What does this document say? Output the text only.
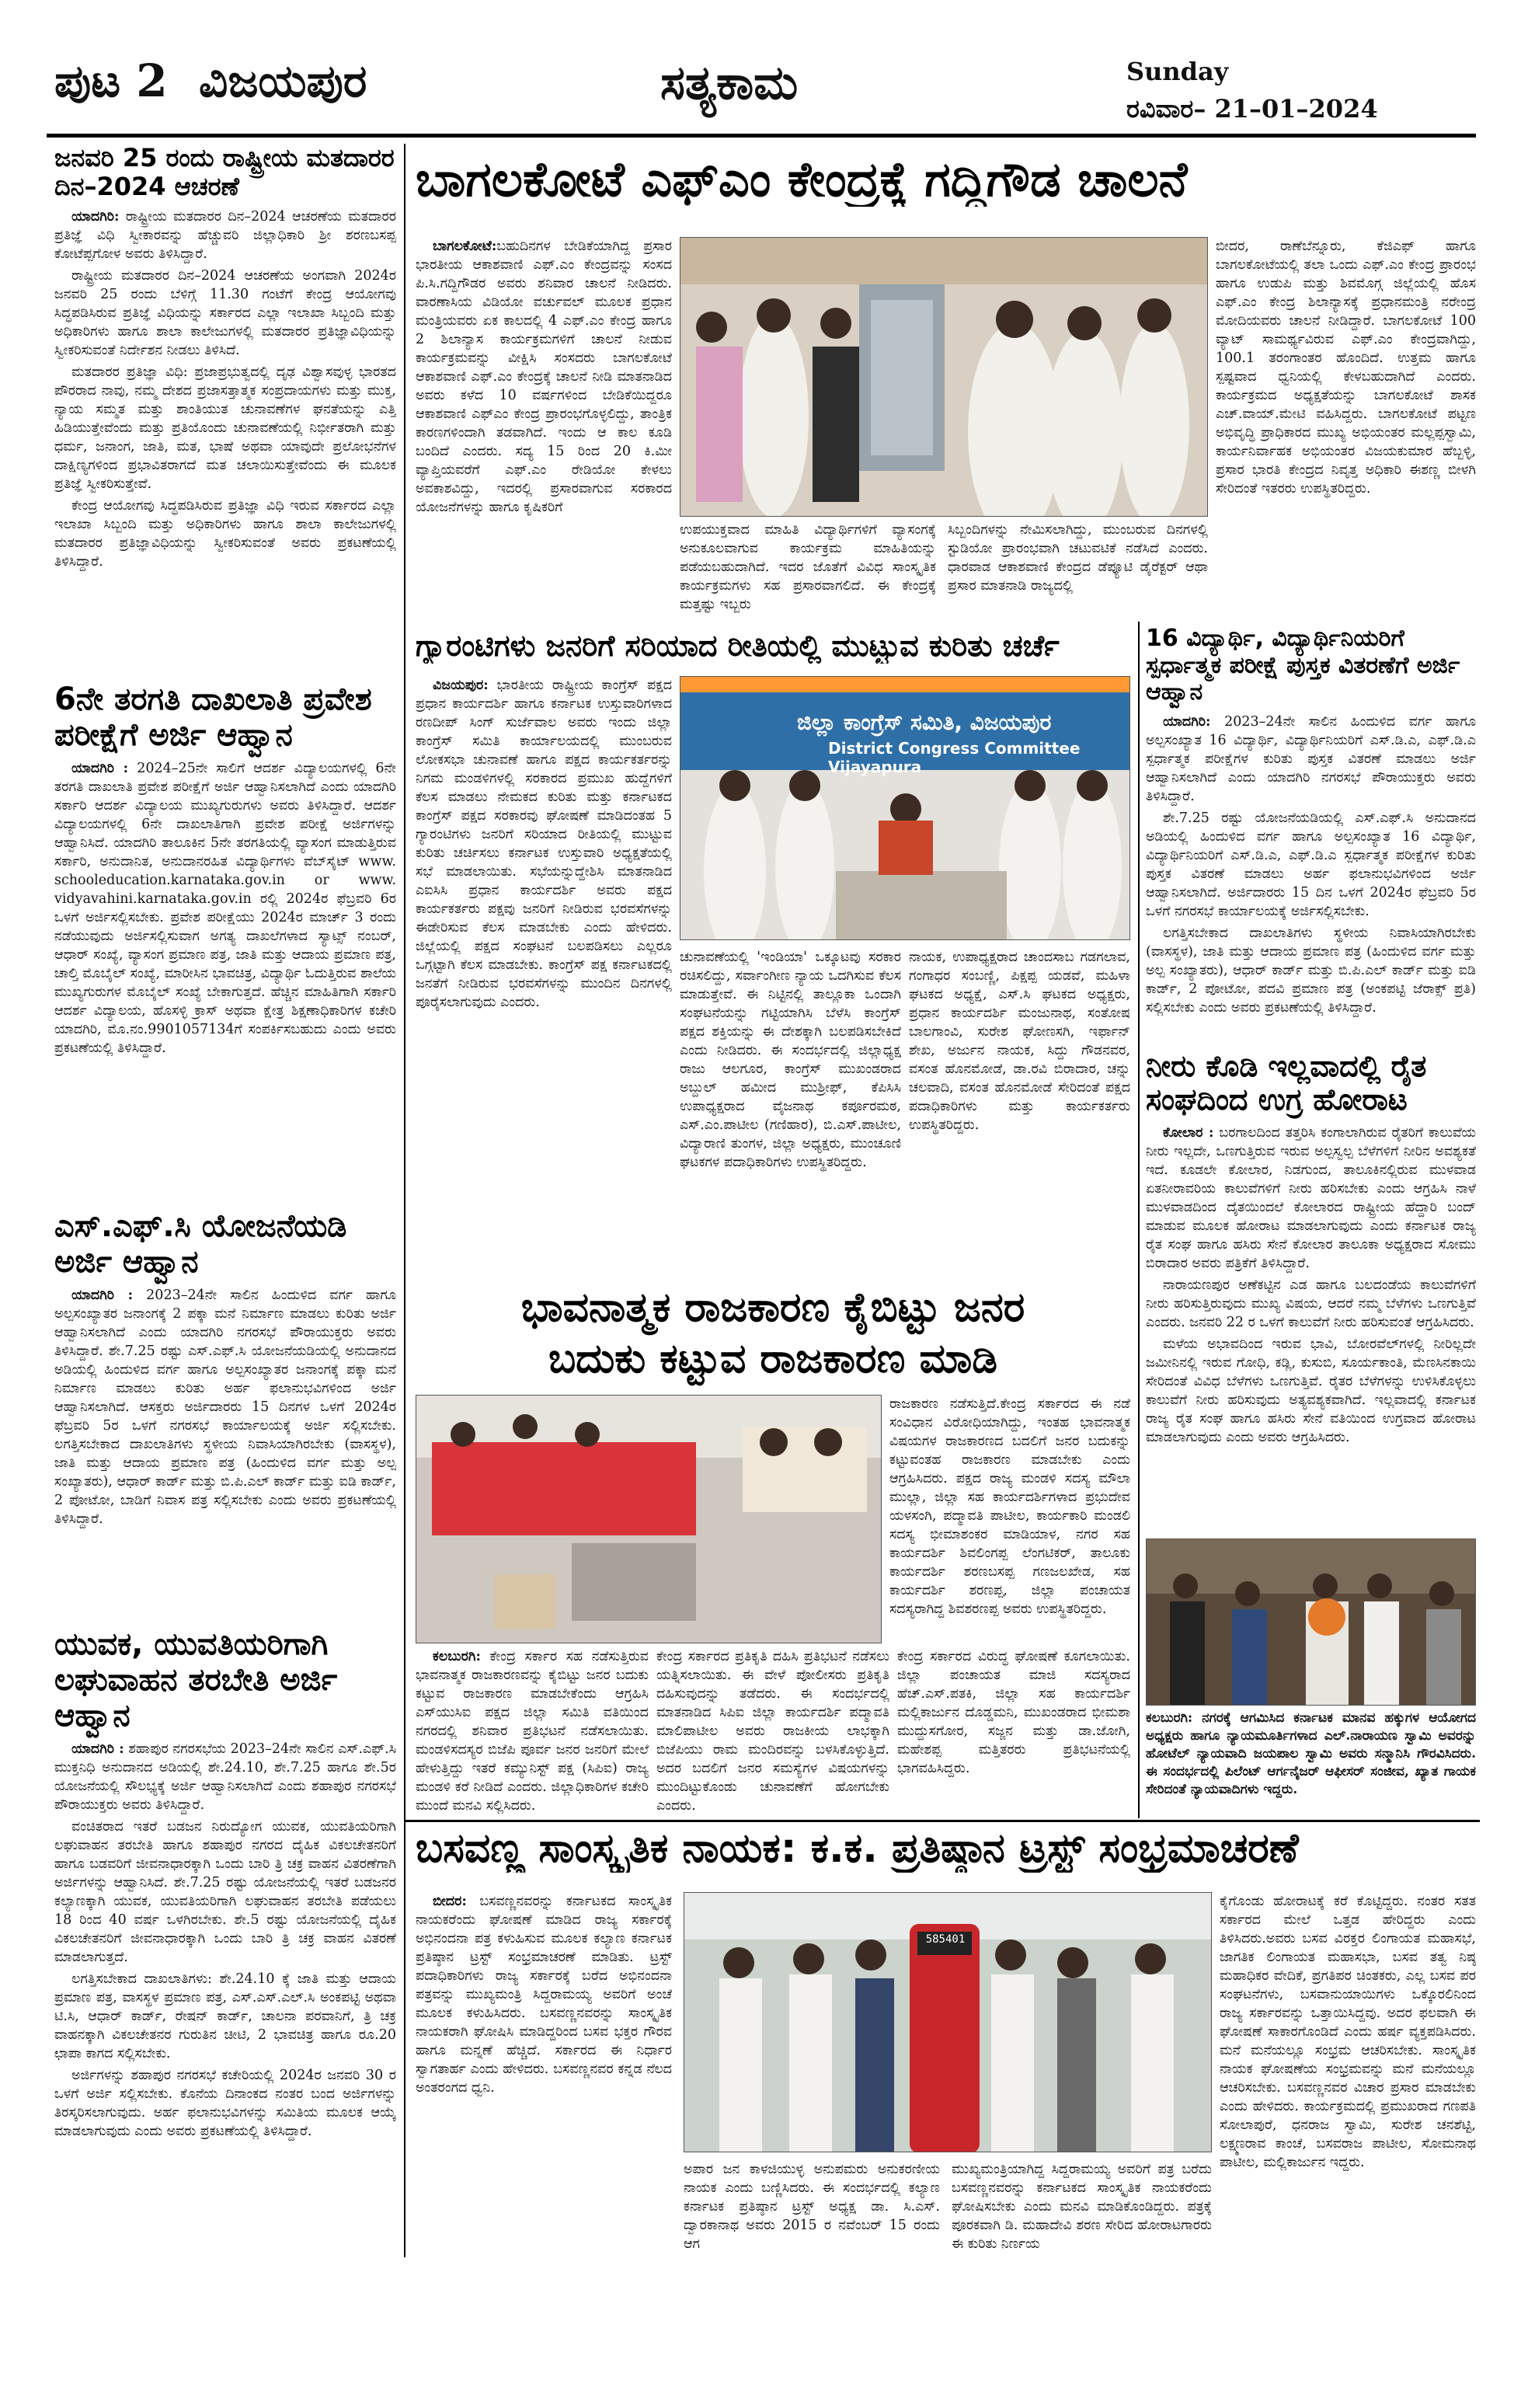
ಪುಟ 2 ವಿಜಯಪುರ	ಸತ್ಯಕಾಮ	Sunday
ರವಿವಾರ– 21–01–2024
ಜನವರಿ 25 ರಂದು ರಾಷ್ಟ್ರೀಯ ಮತದಾರರ ದಿನ–2024 ಆಚರಣೆ

ಯಾದಗಿರಿ: ರಾಷ್ಟ್ರೀಯ ಮತದಾರರ ದಿನ–2024 ಆಚರಣೆಯ ಮತದಾರರ ಪ್ರತಿಜ್ಞೆ ವಿಧಿ ಸ್ವೀಕಾರವನ್ನು ಹೆಚ್ಚುವರಿ ಜಿಲ್ಲಾಧಿಕಾರಿ ಶ್ರೀ ಶರಣಬಸಪ್ಪ ಕೋಟೆಪ್ಪಗೋಳ ಅವರು ತಿಳಿಸಿದ್ದಾರೆ.

ರಾಷ್ಟ್ರೀಯ ಮತದಾರರ ದಿನ–2024 ಆಚರಣೆಯ ಅಂಗವಾಗಿ 2024ರ ಜನವರಿ 25 ರಂದು ಬೆಳಿಗ್ಗೆ 11.30 ಗಂಟೆಗೆ ಕೇಂದ್ರ ಆಯೋಗವು ಸಿದ್ಧಪಡಿಸಿರುವ ಪ್ರತಿಜ್ಞೆ ವಿಧಿಯನ್ನು ಸರ್ಕಾರದ ಎಲ್ಲಾ ಇಲಾಖಾ ಸಿಬ್ಬಂದಿ ಮತ್ತು ಅಧಿಕಾರಿಗಳು ಹಾಗೂ ಶಾಲಾ ಕಾಲೇಜುಗಳಲ್ಲಿ ಮತದಾರರ ಪ್ರತಿಜ್ಞಾವಿಧಿಯನ್ನು ಸ್ವೀಕರಿಸುವಂತೆ ನಿರ್ದೇಶನ ನೀಡಲು ತಿಳಿಸಿದೆ.

ಮತದಾರರ ಪ್ರತಿಜ್ಞಾ ವಿಧಿ: ಪ್ರಜಾಪ್ರಭುತ್ವದಲ್ಲಿ ದೃಢ ವಿಶ್ವಾಸವುಳ್ಳ ಭಾರತದ ಪೌರರಾದ ನಾವು, ನಮ್ಮ ದೇಶದ ಪ್ರಜಾಸತ್ತಾತ್ಮಕ ಸಂಪ್ರದಾಯಗಳು ಮತ್ತು ಮುಕ್ತ, ನ್ಯಾಯ ಸಮ್ಮತ ಮತ್ತು ಶಾಂತಿಯುತ ಚುನಾವಣೆಗಳ ಘನತೆಯನ್ನು ಎತ್ತಿ ಹಿಡಿಯುತ್ತೇವೆಂದು ಮತ್ತು ಪ್ರತಿಯೊಂದು ಚುನಾವಣೆಯಲ್ಲಿ ನಿರ್ಭೀತರಾಗಿ ಮತ್ತು ಧರ್ಮ, ಜನಾಂಗ, ಜಾತಿ, ಮತ, ಭಾಷೆ ಅಥವಾ ಯಾವುದೇ ಪ್ರಲೋಭನೆಗಳ ದಾಕ್ಷಿಣ್ಯಗಳಿಂದ ಪ್ರಭಾವಿತರಾಗದೆ ಮತ ಚಲಾಯಿಸುತ್ತೇವೆಂದು ಈ ಮೂಲಕ ಪ್ರತಿಜ್ಞೆ ಸ್ವೀಕರಿಸುತ್ತೇವೆ.

ಕೇಂದ್ರ ಆಯೋಗವು ಸಿದ್ಧಪಡಿಸಿರುವ ಪ್ರತಿಜ್ಞಾ ವಿಧಿ ಇರುವ ಸರ್ಕಾರದ ಎಲ್ಲಾ ಇಲಾಖಾ ಸಿಬ್ಬಂದಿ ಮತ್ತು ಅಧಿಕಾರಿಗಳು ಹಾಗೂ ಶಾಲಾ ಕಾಲೇಜುಗಳಲ್ಲಿ ಮತದಾರರ ಪ್ರತಿಜ್ಞಾವಿಧಿಯನ್ನು ಸ್ವೀಕರಿಸುವಂತೆ ಅವರು ಪ್ರಕಟಣೆಯಲ್ಲಿ ತಿಳಿಸಿದ್ದಾರೆ.

6ನೇ ತರಗತಿ ದಾಖಲಾತಿ ಪ್ರವೇಶ ಪರೀಕ್ಷೆಗೆ ಅರ್ಜಿ ಆಹ್ವಾನ

ಯಾದಗಿರಿ : 2024–25ನೇ ಸಾಲಿಗೆ ಆದರ್ಶ ವಿದ್ಯಾಲಯಗಳಲ್ಲಿ 6ನೇ ತರಗತಿ ದಾಖಲಾತಿ ಪ್ರವೇಶ ಪರೀಕ್ಷೆಗೆ ಅರ್ಜಿ ಆಹ್ವಾನಿಸಲಾಗಿದೆ ಎಂದು ಯಾದಗಿರಿ ಸರ್ಕಾರಿ ಆದರ್ಶ ವಿದ್ಯಾಲಯ ಮುಖ್ಯಗುರುಗಳು ಅವರು ತಿಳಿಸಿದ್ದಾರೆ. ಆದರ್ಶ ವಿದ್ಯಾಲಯಗಳಲ್ಲಿ 6ನೇ ದಾಖಲಾತಿಗಾಗಿ ಪ್ರವೇಶ ಪರೀಕ್ಷೆ ಅರ್ಜಿಗಳನ್ನು ಆಹ್ವಾನಿಸಿದೆ. ಯಾದಗಿರಿ ತಾಲೂಕಿನ 5ನೇ ತರಗತಿಯಲ್ಲಿ ವ್ಯಾಸಂಗ ಮಾಡುತ್ತಿರುವ ಸರ್ಕಾರಿ, ಅನುದಾನಿತ, ಅನುದಾನರಹಿತ ವಿದ್ಯಾರ್ಥಿಗಳು ವೆಬ್‌ಸೈಟ್ www. schooleducation.karnataka.gov.in or www. vidyavahini.karnataka.gov.in ರಲ್ಲಿ 2024ರ ಫೆಬ್ರವರಿ 6ರ ಒಳಗೆ ಅರ್ಜಿಸಲ್ಲಿಸಬೇಕು. ಪ್ರವೇಶ ಪರೀಕ್ಷೆಯು 2024ರ ಮಾರ್ಚ್ 3 ರಂದು ನಡೆಯುವುದು ಅರ್ಜಿಸಲ್ಲಿಸುವಾಗ ಅಗತ್ಯ ದಾಖಲೆಗಳಾದ ಸ್ಯಾಟ್ಸ್ ನಂಬರ್, ಆಧಾರ್ ಸಂಖ್ಯೆ, ವ್ಯಾಸಂಗ ಪ್ರಮಾಣ ಪತ್ರ, ಜಾತಿ ಮತ್ತು ಆದಾಯ ಪ್ರಮಾಣ ಪತ್ರ, ಚಾಲ್ತಿ ಮೊಬೈಲ್ ಸಂಖ್ಯೆ, ಮಾರೀಸಿನ ಭಾವಚಿತ್ರ, ವಿದ್ಯಾರ್ಥಿ ಓದುತ್ತಿರುವ ಶಾಲೆಯ ಮುಖ್ಯಗುರುಗಳ ಮೊಬೈಲ್ ಸಂಖ್ಯೆ ಬೇಕಾಗುತ್ತದೆ. ಹೆಚ್ಚಿನ ಮಾಹಿತಿಗಾಗಿ ಸರ್ಕಾರಿ ಆದರ್ಶ ವಿದ್ಯಾಲಯ, ಹೊಸಳ್ಳಿ ಕ್ರಾಸ್ ಅಥವಾ ಕ್ಷೇತ್ರ ಶಿಕ್ಷಣಾಧಿಕಾರಿಗಳ ಕಚೇರಿ ಯಾದಗಿರಿ, ಮೊ.ನಂ.9901057134ಗೆ ಸಂಪರ್ಕಿಸಬಹುದು ಎಂದು ಅವರು ಪ್ರಕಟಣೆಯಲ್ಲಿ ತಿಳಿಸಿದ್ದಾರೆ.

ಎಸ್.ಎಫ್.ಸಿ ಯೋಜನೆಯಡಿ ಅರ್ಜಿ ಆಹ್ವಾನ

ಯಾದಗಿರಿ : 2023–24ನೇ ಸಾಲಿನ ಹಿಂದುಳಿದ ವರ್ಗ ಹಾಗೂ ಅಲ್ಪಸಂಖ್ಯಾತರ ಜನಾಂಗಕ್ಕೆ 2 ಪಕ್ಕಾ ಮನೆ ನಿರ್ಮಾಣ ಮಾಡಲು ಕುರಿತು ಅರ್ಜಿ ಆಹ್ವಾನಿಸಲಾಗಿದೆ ಎಂದು ಯಾದಗಿರಿ ನಗರಸಭೆ ಪೌರಾಯುಕ್ತರು ಅವರು ತಿಳಿಸಿದ್ದಾರೆ. ಶೇ.7.25 ರಷ್ಟು ಎಸ್.ಎಫ್.ಸಿ ಯೋಜನೆಯಡಿಯಲ್ಲಿ ಅನುದಾನದ ಅಡಿಯಲ್ಲಿ ಹಿಂದುಳಿದ ವರ್ಗ ಹಾಗೂ ಅಲ್ಪಸಂಖ್ಯಾತರ ಜನಾಂಗಕ್ಕೆ ಪಕ್ಕಾ ಮನೆ ನಿರ್ಮಾಣ ಮಾಡಲು ಕುರಿತು ಅರ್ಹ ಫಲಾನುಭವಿಗಳಿಂದ ಅರ್ಜಿ ಆಹ್ವಾನಿಸಲಾಗಿದೆ. ಆಸಕ್ತರು ಅರ್ಜಿದಾರರು 15 ದಿನಗಳ ಒಳಗೆ 2024ರ ಫೆಬ್ರವರಿ 5ರ ಒಳಗೆ ನಗರಸಭೆ ಕಾರ್ಯಾಲಯಕ್ಕೆ ಅರ್ಜಿ ಸಲ್ಲಿಸಬೇಕು. ಲಗತ್ತಿಸಬೇಕಾದ ದಾಖಲಾತಿಗಳು ಸ್ಥಳೀಯ ನಿವಾಸಿಯಾಗಿರಬೇಕು (ವಾಸಸ್ಥಳ), ಜಾತಿ ಮತ್ತು ಆದಾಯ ಪ್ರಮಾಣ ಪತ್ರ (ಹಿಂದುಳಿದ ವರ್ಗ ಮತ್ತು ಅಲ್ಪ ಸಂಖ್ಯಾತರು), ಆಧಾರ್ ಕಾರ್ಡ್ ಮತ್ತು ಬಿ.ಪಿ.ಎಲ್ ಕಾರ್ಡ್ ಮತ್ತು ಐಡಿ ಕಾರ್ಡ್, 2 ಪೋಟೋ, ಬಾಡಿಗೆ ನಿವಾಸ ಪತ್ರ ಸಲ್ಲಿಸಬೇಕು ಎಂದು ಅವರು ಪ್ರಕಟಣೆಯಲ್ಲಿ ತಿಳಿಸಿದ್ದಾರೆ.

ಯುವಕ, ಯುವತಿಯರಿಗಾಗಿ ಲಘುವಾಹನ ತರಬೇತಿ ಅರ್ಜಿ ಆಹ್ವಾನ

ಯಾದಗಿರಿ : ಶಹಾಪುರ ನಗರಸಭೆಯ 2023–24ನೇ ಸಾಲಿನ ಎಸ್.ಎಫ್.ಸಿ ಮುಕ್ತನಿಧಿ ಅನುದಾನದ ಅಡಿಯಲ್ಲಿ ಶೇ.24.10, ಶೇ.7.25 ಹಾಗೂ ಶೇ.5ರ ಯೋಜನೆಯಲ್ಲಿ ಸೌಲಭ್ಯಕ್ಕೆ ಅರ್ಜಿ ಆಹ್ವಾನಿಸಲಾಗಿದೆ ಎಂದು ಶಹಾಪುರ ನಗರಸಭೆ ಪೌರಾಯುಕ್ತರು ಅವರು ತಿಳಿಸಿದ್ದಾರೆ.

ವಂಚಿತರಾದ ಇತರೆ ಬಡಜನ ನಿರುದ್ಯೋಗ ಯುವಕ, ಯುವತಿಯರಿಗಾಗಿ ಲಘುವಾಹನ ತರಬೇತಿ ಹಾಗೂ ಶಹಾಪುರ ನಗರದ ದೈಹಿಕ ವಿಕಲಚೇತನರಿಗೆ ಹಾಗೂ ಬಡವರಿಗೆ ಜೀವನಾಧಾರಕ್ಕಾಗಿ ಒಂದು ಬಾರಿ ತ್ರಿ ಚಕ್ರ ವಾಹನ ವಿತರಣೆಗಾಗಿ ಅರ್ಜಿಗಳನ್ನು ಆಹ್ವಾನಿಸಿದೆ. ಶೇ.7.25 ರಷ್ಟು ಯೋಜನೆಯಲ್ಲಿ ಇತರೆ ಬಡಜನರ ಕಲ್ಯಾಣಕ್ಕಾಗಿ ಯುವಕ, ಯುವತಿಯರಿಗಾಗಿ ಲಘುವಾಹನ ತರಬೇತಿ ಪಡೆಯಲು 18 ರಿಂದ 40 ವರ್ಷ ಒಳಗಿರಬೇಕು. ಶೇ.5 ರಷ್ಟು ಯೋಜನೆಯಲ್ಲಿ ದೈಹಿಕ ವಿಕಲಚೇತನರಿಗೆ ಜೀವನಾಧಾರಕ್ಕಾಗಿ ಒಂದು ಬಾರಿ ತ್ರಿ ಚಕ್ರ ವಾಹನ ವಿತರಣೆ ಮಾಡಲಾಗುತ್ತದೆ.

ಲಗತ್ತಿಸಬೇಕಾದ ದಾಖಲಾತಿಗಳು: ಶೇ.24.10 ಕ್ಕೆ ಜಾತಿ ಮತ್ತು ಆದಾಯ ಪ್ರಮಾಣ ಪತ್ರ, ವಾಸಸ್ಥಳ ಪ್ರಮಾಣ ಪತ್ರ, ಎಸ್.ಎಸ್.ಎಲ್.ಸಿ ಅಂಕಪಟ್ಟಿ ಅಥವಾ ಟಿ.ಸಿ, ಆಧಾರ್ ಕಾರ್ಡ್, ರೇಷನ್ ಕಾರ್ಡ್, ಚಾಲನಾ ಪರವಾನಿಗೆ, ತ್ರಿ ಚಕ್ರ ವಾಹನಕ್ಕಾಗಿ ವಿಕಲಚೇತನರ ಗುರುತಿನ ಚೀಟಿ, 2 ಭಾವಚಿತ್ರ ಹಾಗೂ ರೂ.20 ಛಾಪಾ ಕಾಗದ ಸಲ್ಲಿಸಬೇಕು.

ಅರ್ಜಿಗಳನ್ನು ಶಹಾಪುರ ನಗರಸಭೆ ಕಚೇರಿಯಲ್ಲಿ 2024ರ ಜನವರಿ 30 ರ ಒಳಗೆ ಅರ್ಜಿ ಸಲ್ಲಿಸಬೇಕು. ಕೊನೆಯ ದಿನಾಂಕದ ನಂತರ ಬಂದ ಅರ್ಜಿಗಳನ್ನು ತಿರಸ್ಕರಿಸಲಾಗುವುದು. ಅರ್ಹ ಫಲಾನುಭವಿಗಳನ್ನು ಸಮಿತಿಯ ಮೂಲಕ ಆಯ್ಕೆ ಮಾಡಲಾಗುವುದು ಎಂದು ಅವರು ಪ್ರಕಟಣೆಯಲ್ಲಿ ತಿಳಿಸಿದ್ದಾರೆ.

ಬಾಗಲಕೋಟೆ ಎಫ್‌ಎಂ ಕೇಂದ್ರಕ್ಕೆ ಗದ್ದಿಗೌಡ ಚಾಲನೆ

ಬಾಗಲಕೋಟೆ:ಬಹುದಿನಗಳ ಬೇಡಿಕೆಯಾಗಿದ್ದ ಪ್ರಸಾರ ಭಾರತೀಯ ಆಕಾಶವಾಣಿ ಎಫ್.ಎಂ ಕೇಂದ್ರವನ್ನು ಸಂಸದ ಪಿ.ಸಿ.ಗದ್ದಿಗೌಡರ ಅವರು ಶನಿವಾರ ಚಾಲನೆ ನೀಡಿದರು. ವಾರಣಾಸಿಯ ವಿಡಿಯೋ ವರ್ಚುವಲ್ ಮೂಲಕ ಪ್ರಧಾನ ಮಂತ್ರಿಯವರು ಏಕ ಕಾಲದಲ್ಲಿ 4 ಎಫ್.ಎಂ ಕೇಂದ್ರ ಹಾಗೂ 2 ಶಿಲಾನ್ಯಾಸ ಕಾರ್ಯಕ್ರಮಗಳಿಗೆ ಚಾಲನೆ ನೀಡುವ ಕಾರ್ಯಕ್ರಮವನ್ನು ವೀಕ್ಷಿಸಿ ಸಂಸದರು ಬಾಗಲಕೋಟೆ ಆಕಾಶವಾಣಿ ಎಫ್.ಎಂ ಕೇಂದ್ರಕ್ಕೆ ಚಾಲನೆ ನೀಡಿ ಮಾತನಾಡಿದ ಅವರು ಕಳೆದ 10 ವರ್ಷಗಳಿಂದ ಬೇಡಿಕೆಯಿದ್ದರೂ ಆಕಾಶವಾಣಿ ಎಫ್‌ಎಂ ಕೇಂದ್ರ ಪ್ರಾರಂಭಗೊಳ್ಳಲಿದ್ದು, ತಾಂತ್ರಿಕ ಕಾರಣಗಳಿಂದಾಗಿ ತಡವಾಗಿದೆ. ಇಂದು ಆ ಕಾಲ ಕೂಡಿ ಬಂದಿದೆ ಎಂದರು. ಸದ್ಯ 15 ರಿಂದ 20 ಕಿ.ಮೀ ವ್ಯಾಪ್ತಿಯವರೆಗೆ ಎಫ್.ಎಂ ರೇಡಿಯೋ ಕೇಳಲು ಅವಕಾಶವಿದ್ದು, ಇದರಲ್ಲಿ ಪ್ರಸಾರವಾಗುವ ಸರಕಾರದ ಯೋಜನೆಗಳನ್ನು ಹಾಗೂ ಕೃಷಿಕರಿಗೆ

ಉಪಯುಕ್ತವಾದ ಮಾಹಿತಿ ವಿದ್ಯಾರ್ಥಿಗಳಿಗೆ ವ್ಯಾಸಂಗಕ್ಕೆ ಅನುಕೂಲವಾಗುವ ಕಾರ್ಯಕ್ರಮ ಮಾಹಿತಿಯನ್ನು ಪಡೆಯಬಹುದಾಗಿದೆ. ಇದರ ಜೊತೆಗೆ ವಿವಿಧ ಸಾಂಸ್ಕೃತಿಕ ಕಾರ್ಯಕ್ರಮಗಳು ಸಹ ಪ್ರಸಾರವಾಗಲಿದೆ. ಈ ಕೇಂದ್ರಕ್ಕೆ ಮತ್ತಷ್ಟು ಇಬ್ಬರು

ಸಿಬ್ಬಂದಿಗಳನ್ನು ನೇಮಿಸಲಾಗಿದ್ದು, ಮುಂಬರುವ ದಿನಗಳಲ್ಲಿ ಸ್ಟುಡಿಯೋ ಪ್ರಾರಂಭವಾಗಿ ಚಟುವಟಿಕೆ ನಡೆಸಿದೆ ಎಂದರು. ಧಾರವಾಡ ಆಕಾಶವಾಣಿ ಕೇಂದ್ರದ ಡೆಪ್ಯೂಟಿ ಡೈರೆಕ್ಟರ್ ಆಥಾ ಪ್ರಸಾರ ಮಾತನಾಡಿ ರಾಜ್ಯದಲ್ಲಿ

ಬೀದರ, ರಾಣೆಬೆನ್ನೂರು, ಕೆಜಿಎಫ್ ಹಾಗೂ ಬಾಗಲಕೋಟೆಯಲ್ಲಿ ತಲಾ ಒಂದು ಎಫ್.ಎಂ ಕೇಂದ್ರ ಪ್ರಾರಂಭ ಹಾಗೂ ಉಡುಪಿ ಮತ್ತು ಶಿವಮೊಗ್ಗ ಜಿಲ್ಲೆಯಲ್ಲಿ ಹೊಸ ಎಫ್.ಎಂ ಕೇಂದ್ರ ಶಿಲಾನ್ಯಾಸಕ್ಕೆ ಪ್ರಧಾನಮಂತ್ರಿ ನರೇಂದ್ರ ಮೋದಿಯವರು ಚಾಲನೆ ನೀಡಿದ್ದಾರೆ. ಬಾಗಲಕೋಟೆ 100 ವ್ಯಾಟ್ ಸಾಮರ್ಥ್ಯವಿರುವ ಎಫ್.ಎಂ ಕೇಂದ್ರವಾಗಿದ್ದು, 100.1 ತರಂಗಾಂತರ ಹೊಂದಿದೆ. ಉತ್ತಮ ಹಾಗೂ ಸ್ಪಷ್ಟವಾದ ಧ್ವನಿಯಲ್ಲಿ ಕೇಳಬಹುದಾಗಿದೆ ಎಂದರು. ಕಾರ್ಯಕ್ರಮದ ಅಧ್ಯಕ್ಷತೆಯನ್ನು ಬಾಗಲಕೋಟೆ ಶಾಸಕ ಎಚ್.ವಾಯ್.ಮೇಟಿ ವಹಿಸಿದ್ದರು. ಬಾಗಲಕೋಟೆ ಪಟ್ಟಣ ಅಭಿವೃದ್ಧಿ ಪ್ರಾಧಿಕಾರದ ಮುಖ್ಯ ಅಭಿಯಂತರ ಮಲ್ಲಪ್ಪಸ್ವಾಮಿ, ಕಾರ್ಯನಿರ್ವಾಹಕ ಅಭಿಯಂತರ ವಿಜಯಕುಮಾರ ಹೆಬ್ಬಳ್ಳಿ, ಪ್ರಸಾರ ಭಾರತಿ ಕೇಂದ್ರದ ನಿವೃತ್ತ ಅಧಿಕಾರಿ ಈಶಣ್ಣ ಬೀಳಗಿ ಸೇರಿದಂತೆ ಇತರರು ಉಪಸ್ಥಿತರಿದ್ದರು.

ಗ್ಯಾರಂಟಿಗಳು ಜನರಿಗೆ ಸರಿಯಾದ ರೀತಿಯಲ್ಲಿ ಮುಟ್ಟುವ ಕುರಿತು ಚರ್ಚೆ

ವಿಜಯಪುರ: ಭಾರತೀಯ ರಾಷ್ಟ್ರೀಯ ಕಾಂಗ್ರೆಸ್ ಪಕ್ಷದ ಪ್ರಧಾನ ಕಾರ್ಯದರ್ಶಿ ಹಾಗೂ ಕರ್ನಾಟಕ ಉಸ್ತುವಾರಿಗಳಾದ ರಣದೀಪ್ ಸಿಂಗ್ ಸುರ್ಜೆವಾಲ ಅವರು ಇಂದು ಜಿಲ್ಲಾ ಕಾಂಗ್ರೆಸ್ ಸಮಿತಿ ಕಾರ್ಯಾಲಯದಲ್ಲಿ ಮುಂಬರುವ ಲೋಕಸಭಾ ಚುನಾವಣೆ ಹಾಗೂ ಪಕ್ಷದ ಕಾರ್ಯಕರ್ತರನ್ನು ನಿಗಮ ಮಂಡಳಿಗಳಲ್ಲಿ ಸರಕಾರದ ಪ್ರಮುಖ ಹುದ್ದೆಗಳಿಗೆ ಕೆಲಸ ಮಾಡಲು ನೇಮಕದ ಕುರಿತು ಮತ್ತು ಕರ್ನಾಟಕದ ಕಾಂಗ್ರೆಸ್ ಪಕ್ಷದ ಸರಕಾರವು ಘೋಷಣೆ ಮಾಡಿದಂತಹ 5 ಗ್ಯಾರಂಟಿಗಳು ಜನರಿಗೆ ಸರಿಯಾದ ರೀತಿಯಲ್ಲಿ ಮುಟ್ಟುವ ಕುರಿತು ಚರ್ಚಿಸಲು ಕರ್ನಾಟಕ ಉಸ್ತುವಾರಿ ಅಧ್ಯಕ್ಷತೆಯಲ್ಲಿ ಸಭೆ ಮಾಡಲಾಯಿತು. ಸಭೆಯನ್ನುದ್ದೇಶಿಸಿ ಮಾತನಾಡಿದ ಎಐಸಿಸಿ ಪ್ರಧಾನ ಕಾರ್ಯದರ್ಶಿ ಅವರು ಪಕ್ಷದ ಕಾರ್ಯಕರ್ತರು ಪಕ್ಷವು ಜನರಿಗೆ ನೀಡಿರುವ ಭರವಸೆಗಳನ್ನು ಈಡೇರಿಸುವ ಕೆಲಸ ಮಾಡಬೇಕು ಎಂದು ಹೇಳಿದರು. ಜಿಲ್ಲೆಯಲ್ಲಿ ಪಕ್ಷದ ಸಂಘಟನೆ ಬಲಪಡಿಸಲು ಎಲ್ಲರೂ ಒಗ್ಗಟ್ಟಾಗಿ ಕೆಲಸ ಮಾಡಬೇಕು. ಕಾಂಗ್ರೆಸ್ ಪಕ್ಷ ಕರ್ನಾಟಕದಲ್ಲಿ ಜನತೆಗೆ ನೀಡಿರುವ ಭರವಸೆಗಳನ್ನು ಮುಂದಿನ ದಿನಗಳಲ್ಲಿ ಪೂರೈಸಲಾಗುವುದು ಎಂದರು.

ಜಿಲ್ಲಾ ಕಾಂಗ್ರೆಸ್ ಸಮಿತಿ, ವಿಜಯಪುರ
District Congress Committee Vijayapura

ಚುನಾವಣೆಯಲ್ಲಿ 'ಇಂಡಿಯಾ' ಒಕ್ಕೂಟವು ಸರಕಾರ ರಚಿಸಲಿದ್ದು, ಸರ್ವಾಂಗೀಣ ನ್ಯಾಯ ಒದಗಿಸುವ ಕೆಲಸ ಮಾಡುತ್ತೇವೆ. ಈ ನಿಟ್ಟಿನಲ್ಲಿ ತಾಲ್ಲೂಕಾ ಒಂದಾಗಿ ಸಂಘಟನೆಯನ್ನು ಗಟ್ಟಿಯಾಗಿಸಿ ಬೆಳೆಸಿ ಕಾಂಗ್ರೆಸ್ ಪಕ್ಷದ ಶಕ್ತಿಯನ್ನು ಈ ದೇಶಕ್ಕಾಗಿ ಬಲಪಡಿಸಬೇಕಿದೆ ಎಂದು ನೀಡಿದರು. ಈ ಸಂದರ್ಭದಲ್ಲಿ ಜಿಲ್ಲಾಧ್ಯಕ್ಷ ರಾಜು ಆಲಗೂರ, ಕಾಂಗ್ರೆಸ್ ಮುಖಂಡರಾದ ಅಬ್ದುಲ್ ಹಮೀದ ಮುಶ್ರೀಫ್, ಕೆಪಿಸಿಸಿ ಉಪಾಧ್ಯಕ್ಷರಾದ ವೈಜನಾಥ ಕರ್ಪೂರಮಠ, ಎಸ್.ಎಂ.ಪಾಟೀಲ (ಗಣಿಹಾರ), ಬಿ.ಎಸ್.ಪಾಟೀಲ, ವಿದ್ಯಾರಾಣಿ ತುಂಗಳ, ಜಿಲ್ಲಾ ಅಧ್ಯಕ್ಷರು, ಮುಂಚೂಣಿ ಘಟಕಗಳ ಪದಾಧಿಕಾರಿಗಳು ಉಪಸ್ಥಿತರಿದ್ದರು.

ನಾಯಕ, ಉಪಾಧ್ಯಕ್ಷರಾದ ಚಾಂದಸಾಬ ಗಡಗಲಾವ, ಗಂಗಾಧರ ಸಂಬಣ್ಣಿ, ಪಿಕ್ಷಪ್ಪ ಯಡವೆ, ಮಹಿಳಾ ಘಟಕದ ಅಧ್ಯಕ್ಷೆ, ಎಸ್.ಸಿ ಘಟಕದ ಅಧ್ಯಕ್ಷರು, ಪ್ರಧಾನ ಕಾರ್ಯದರ್ಶಿ ಮಂಜುನಾಥ, ಸಂತೋಷ ಬಾಲಗಾಂವಿ, ಸುರೇಶ ಘೋಣಸಗಿ, ಇರ್ಫಾನ್ ಶೇಖ, ಅರ್ಜುನ ನಾಯಕ, ಸಿದ್ದು ಗೌಡನವರ, ವಸಂತ ಹೊನಮೋಡೆ, ಡಾ.ರವಿ ಬಿರಾದಾರ, ಚನ್ನು ಚಲವಾದಿ, ವಸಂತ ಹೊನಮೋಡೆ ಸೇರಿದಂತೆ ಪಕ್ಷದ ಪದಾಧಿಕಾರಿಗಳು ಮತ್ತು ಕಾರ್ಯಕರ್ತರು ಉಪಸ್ಥಿತರಿದ್ದರು.

ಭಾವನಾತ್ಮಕ ರಾಜಕಾರಣ ಕೈಬಿಟ್ಟು ಜನರ
ಬದುಕು ಕಟ್ಟುವ ರಾಜಕಾರಣ ಮಾಡಿ

ರಾಜಕಾರಣ ನಡೆಸುತ್ತಿದೆ.ಕೇಂದ್ರ ಸರ್ಕಾರದ ಈ ನಡೆ ಸಂವಿಧಾನ ವಿರೋಧಿಯಾಗಿದ್ದು, ಇಂತಹ ಭಾವನಾತ್ಮಕ ವಿಷಯಗಳ ರಾಜಕಾರಣದ ಬದಲಿಗೆ ಜನರ ಬದುಕನ್ನು ಕಟ್ಟುವಂತಹ ರಾಜಕಾರಣ ಮಾಡಬೇಕು ಎಂದು ಆಗ್ರಹಿಸಿದರು. ಪಕ್ಷದ ರಾಜ್ಯ ಮಂಡಳಿ ಸದಸ್ಯ ಮೌಲಾ ಮುಲ್ಲಾ, ಜಿಲ್ಲಾ ಸಹ ಕಾರ್ಯದರ್ಶಿಗಳಾದ ಪ್ರಭುದೇವ ಯಳಸಂಗಿ, ಪದ್ಮಾವತಿ ಪಾಟೀಲ, ಕಾರ್ಯಕಾರಿ ಮಂಡಲಿ ಸದಸ್ಯ ಭೀಮಾಶಂಕರ ಮಾಡಿಯಾಳ, ನಗರ ಸಹ ಕಾರ್ಯದರ್ಶಿ ಶಿವಲಿಂಗಪ್ಪ ಲೆಂಗಟಿಕರ್, ತಾಲೂಕು ಕಾರ್ಯದರ್ಶಿ ಶರಣಬಸಪ್ಪ ಗಣಜಲಖೇಡ, ಸಹ ಕಾರ್ಯದರ್ಶಿ ಶರಣಪ್ಪ, ಜಿಲ್ಲಾ ಪಂಚಾಯತ ಸದಸ್ಯರಾಗಿದ್ದ ಶಿವಶರಣಪ್ಪ ಅವರು ಉಪಸ್ಥಿತರಿದ್ದರು.

ಕಲಬುರಗಿ: ಕೇಂದ್ರ ಸರ್ಕಾರ ಸಹ ನಡೆಸುತ್ತಿರುವ ಭಾವನಾತ್ಮಕ ರಾಜಕಾರಣವನ್ನು ಕೈಬಿಟ್ಟು ಜನರ ಬದುಕು ಕಟ್ಟುವ ರಾಜಕಾರಣ ಮಾಡಬೇಕೆಂದು ಆಗ್ರಹಿಸಿ ಎಸ್‌ಯುಸಿಐ ಪಕ್ಷದ ಜಿಲ್ಲಾ ಸಮಿತಿ ವತಿಯಿಂದ ನಗರದಲ್ಲಿ ಶನಿವಾರ ಪ್ರತಿಭಟನೆ ನಡೆಸಲಾಯಿತು. ಮಂಡಳಿಸದಸ್ಯರ ಬಿಜೆಪಿ ಪೂರ್ವ ಜನರ ಜನರಿಗೆ ಮೇಲೆ ಹೇಳುತ್ತಿದ್ದು ಇತರೆ ಕಮ್ಯುನಿಸ್ಟ್ ಪಕ್ಷ (ಸಿಪಿಐ) ರಾಜ್ಯ ಮಂಡಳಿ ಕರೆ ನೀಡಿದೆ ಎಂದರು. ಜಿಲ್ಲಾಧಿಕಾರಿಗಳ ಕಚೇರಿ ಮುಂದೆ ಮನವಿ ಸಲ್ಲಿಸಿದರು.

ಕೇಂದ್ರ ಸರ್ಕಾರದ ಪ್ರತಿಕೃತಿ ದಹಿಸಿ ಪ್ರತಿಭಟನೆ ನಡೆಸಲು ಯತ್ನಿಸಲಾಯಿತು. ಈ ವೇಳೆ ಪೋಲೀಸರು ಪ್ರತಿಕೃತಿ ದಹಿಸುವುದನ್ನು ತಡೆದರು. ಈ ಸಂದರ್ಭದಲ್ಲಿ ಮಾತನಾಡಿದ ಸಿಪಿಐ ಜಿಲ್ಲಾ ಕಾರ್ಯದರ್ಶಿ ಪದ್ಮಾವತಿ ಮಾಲಿಪಾಟೀಲ ಅವರು ರಾಜಕೀಯ ಲಾಭಕ್ಕಾಗಿ ಬಿಜೆಪಿಯು ರಾಮ ಮಂದಿರವನ್ನು ಬಳಸಿಕೊಳ್ಳುತ್ತಿದೆ. ಅದರ ಬದಲಿಗೆ ಜನರ ಸಮಸ್ಯೆಗಳ ವಿಷಯಗಳನ್ನು ಮುಂದಿಟ್ಟುಕೊಂಡು ಚುನಾವಣೆಗೆ ಹೋಗಬೇಕು ಎಂದರು.

ಕೇಂದ್ರ ಸರ್ಕಾರದ ವಿರುದ್ಧ ಘೋಷಣೆ ಕೂಗಲಾಯಿತು. ಜಿಲ್ಲಾ ಪಂಚಾಯತ ಮಾಜಿ ಸದಸ್ಯರಾದ ಹೆಚ್.ಎಸ್.ಪತಕಿ, ಜಿಲ್ಲಾ ಸಹ ಕಾರ್ಯದರ್ಶಿ ಮಲ್ಲಿಕಾರ್ಜುನ ದೊಡ್ಡಮನಿ, ಮುಖಂಡರಾದ ಭೀಮಶಾ ಮುದ್ದುಸಗೋರ, ಸಜ್ಜನ ಮತ್ತು ಡಾ.ಜೋಗಿ, ಮಹೇಶಪ್ಪ ಮತ್ತಿತರರು ಪ್ರತಿಭಟನೆಯಲ್ಲಿ ಭಾಗವಹಿಸಿದ್ದರು.

16 ವಿದ್ಯಾರ್ಥಿ, ವಿದ್ಯಾರ್ಥಿನಿಯರಿಗೆ ಸ್ಪರ್ಧಾತ್ಮಕ ಪರೀಕ್ಷೆ ಪುಸ್ತಕ ವಿತರಣೆಗೆ ಅರ್ಜಿ ಆಹ್ವಾನ

ಯಾದಗಿರಿ: 2023–24ನೇ ಸಾಲಿನ ಹಿಂದುಳಿದ ವರ್ಗ ಹಾಗೂ ಅಲ್ಪಸಂಖ್ಯಾತ 16 ವಿದ್ಯಾರ್ಥಿ, ವಿದ್ಯಾರ್ಥಿನಿಯರಿಗೆ ಎಸ್.ಡಿ.ಎ, ಎಫ್.ಡಿ.ಎ ಸ್ಪರ್ಧಾತ್ಮಕ ಪರೀಕ್ಷೆಗಳ ಕುರಿತು ಪುಸ್ತಕ ವಿತರಣೆ ಮಾಡಲು ಅರ್ಜಿ ಆಹ್ವಾನಿಸಲಾಗಿದೆ ಎಂದು ಯಾದಗಿರಿ ನಗರಸಭೆ ಪೌರಾಯುಕ್ತರು ಅವರು ತಿಳಿಸಿದ್ದಾರೆ.

ಶೇ.7.25 ರಷ್ಟು ಯೋಜನೆಯಡಿಯಲ್ಲಿ ಎಸ್.ಎಫ್.ಸಿ ಅನುದಾನದ ಅಡಿಯಲ್ಲಿ ಹಿಂದುಳಿದ ವರ್ಗ ಹಾಗೂ ಅಲ್ಪಸಂಖ್ಯಾತ 16 ವಿದ್ಯಾರ್ಥಿ, ವಿದ್ಯಾರ್ಥಿನಿಯರಿಗೆ ಎಸ್.ಡಿ.ಎ, ಎಫ್.ಡಿ.ಎ ಸ್ಪರ್ಧಾತ್ಮಕ ಪರೀಕ್ಷೆಗಳ ಕುರಿತು ಪುಸ್ತಕ ವಿತರಣೆ ಮಾಡಲು ಅರ್ಹ ಫಲಾನುಭವಿಗಳಿಂದ ಅರ್ಜಿ ಆಹ್ವಾನಿಸಲಾಗಿದೆ. ಅರ್ಜಿದಾರರು 15 ದಿನ ಒಳಗೆ 2024ರ ಫೆಬ್ರವರಿ 5ರ ಒಳಗೆ ನಗರಸಭೆ ಕಾರ್ಯಾಲಯಕ್ಕೆ ಅರ್ಜಿಸಲ್ಲಿಸಬೇಕು.

ಲಗತ್ತಿಸಬೇಕಾದ ದಾಖಲಾತಿಗಳು ಸ್ಥಳೀಯ ನಿವಾಸಿಯಾಗಿರಬೇಕು (ವಾಸಸ್ಥಳ), ಜಾತಿ ಮತ್ತು ಆದಾಯ ಪ್ರಮಾಣ ಪತ್ರ (ಹಿಂದುಳಿದ ವರ್ಗ ಮತ್ತು ಅಲ್ಪ ಸಂಖ್ಯಾತರು), ಆಧಾರ್ ಕಾರ್ಡ್ ಮತ್ತು ಬಿ.ಪಿ.ಎಲ್ ಕಾರ್ಡ್ ಮತ್ತು ಐಡಿ ಕಾರ್ಡ್, 2 ಪೋಟೋ, ಪದವಿ ಪ್ರಮಾಣ ಪತ್ರ (ಅಂಕಪಟ್ಟಿ ಜೆರಾಕ್ಸ್ ಪ್ರತಿ) ಸಲ್ಲಿಸಬೇಕು ಎಂದು ಅವರು ಪ್ರಕಟಣೆಯಲ್ಲಿ ತಿಳಿಸಿದ್ದಾರೆ.

ನೀರು ಕೊಡಿ ಇಲ್ಲವಾದಲ್ಲಿ ರೈತ ಸಂಘದಿಂದ ಉಗ್ರ ಹೋರಾಟ

ಕೋಲಾರ : ಬರಗಾಲದಿಂದ ತತ್ತರಿಸಿ ಕಂಗಾಲಾಗಿರುವ ರೈತರಿಗೆ ಕಾಲುವೆಯ ನೀರು ಇಲ್ಲದೇ, ಒಣಗುತ್ತಿರುವ ಇರುವ ಅಲ್ಪಸ್ವಲ್ಪ ಬೆಳೆಗಳಿಗೆ ನೀರಿನ ಅವಶ್ಯಕತೆ ಇದೆ. ಕೂಡಲೇ ಕೋಲಾರ, ನಿಡಗುಂದ, ತಾಲೂಕಿನಲ್ಲಿರುವ ಮುಳವಾಡ ಏತನೀರಾವರಿಯ ಕಾಲುವೆಗಳಿಗೆ ನೀರು ಹರಿಸಬೇಕು ಎಂದು ಆಗ್ರಹಿಸಿ ನಾಳೆ ಮುಳವಾಡದಿಂದ ದೈತಯಿಂದಲೆ ಕೋಲಾರದ ರಾಷ್ಟ್ರೀಯ ಹೆದ್ದಾರಿ ಬಂದ್ ಮಾಡುವ ಮೂಲಕ ಹೋರಾಟ ಮಾಡಲಾಗುವುದು ಎಂದು ಕರ್ನಾಟಕ ರಾಜ್ಯ ರೈತ ಸಂಘ ಹಾಗೂ ಹಸಿರು ಸೇನೆ ಕೋಲಾರ ತಾಲೂಕಾ ಅಧ್ಯಕ್ಷರಾದ ಸೋಮು ಬಿರಾದಾರ ಅವರು ಪತ್ರಿಕೆಗೆ ತಿಳಿಸಿದ್ದಾರೆ.

ನಾರಾಯಣಪುರ ಅಣೆಕಟ್ಟಿನ ಎಡ ಹಾಗೂ ಬಲದಂಡೆಯ ಕಾಲುವೆಗಳಿಗೆ ನೀರು ಹರಿಸುತ್ತಿರುವುದು ಮುಖ್ಯ ವಿಷಯ, ಆದರೆ ನಮ್ಮ ಬೆಳೆಗಳು ಒಣಗುತ್ತಿವೆ ಎಂದರು. ಜನವರಿ 22 ರ ಒಳಗೆ ಕಾಲುವೆಗೆ ನೀರು ಹರಿಸುವಂತೆ ಆಗ್ರಹಿಸಿದರು.

ಮಳೆಯ ಅಭಾವದಿಂದ ಇರುವ ಭಾವಿ, ಬೋರವೆಲ್‌ಗಳಲ್ಲಿ ನೀರಿಲ್ಲದೇ ಜಮೀನಿನಲ್ಲಿ ಇರುವ ಗೋಧಿ, ಕಡ್ಲಿ, ಕುಸುಬಿ, ಸೂರ್ಯಕಾಂತಿ, ಮೆಣಸಿನಕಾಯಿ ಸೇರಿದಂತೆ ವಿವಿಧ ಬೆಳೆಗಳು ಒಣಗುತ್ತಿವೆ. ರೈತರ ಬೆಳೆಗಳನ್ನು ಉಳಿಸಿಕೊಳ್ಳಲು ಕಾಲುವೆಗೆ ನೀರು ಹರಿಸುವುದು ಅತ್ಯವಶ್ಯಕವಾಗಿದೆ. ಇಲ್ಲವಾದಲ್ಲಿ ಕರ್ನಾಟಕ ರಾಜ್ಯ ರೈತ ಸಂಘ ಹಾಗೂ ಹಸಿರು ಸೇನೆ ವತಿಯಿಂದ ಉಗ್ರವಾದ ಹೋರಾಟ ಮಾಡಲಾಗುವುದು ಎಂದು ಅವರು ಆಗ್ರಹಿಸಿದರು.

ಕಲಬುರಗಿ: ನಗರಕ್ಕೆ ಆಗಮಿಸಿದ ಕರ್ನಾಟಕ ಮಾನವ ಹಕ್ಕುಗಳ ಆಯೋಗದ ಅಧ್ಯಕ್ಷರು ಹಾಗೂ ನ್ಯಾಯಮೂರ್ತಿಗಳಾದ ಎಲ್.ನಾರಾಯಣ ಸ್ವಾಮಿ ಅವರನ್ನು ಹೋಟೆಲ್ ನ್ಯಾಯವಾದಿ ಜಯಪಾಲ ಸ್ವಾಮಿ ಅವರು ಸನ್ಮಾನಿಸಿ ಗೌರವಿಸಿದರು. ಈ ಸಂದರ್ಭದಲ್ಲಿ ಪಿಲೆಂಟ್ ಆರ್ಗನೈಜರ್ ಆಫೀಸರ್ ಸಂಜೀವ, ಖ್ಯಾತ ಗಾಯಕ ಸೇರಿದಂತೆ ನ್ಯಾಯವಾದಿಗಳು ಇದ್ದರು.
ಬಸವಣ್ಣ ಸಾಂಸ್ಕೃತಿಕ ನಾಯಕ: ಕ.ಕ. ಪ್ರತಿಷ್ಠಾನ ಟ್ರಸ್ಟ್ ಸಂಭ್ರಮಾಚರಣೆ

ಬೀದರ: ಬಸವಣ್ಣನವರನ್ನು ಕರ್ನಾಟಕದ ಸಾಂಸ್ಕೃತಿಕ ನಾಯಕರೆಂದು ಘೋಷಣೆ ಮಾಡಿದ ರಾಜ್ಯ ಸರ್ಕಾರಕ್ಕೆ ಅಭಿನಂದನಾ ಪತ್ರ ಕಳುಹಿಸುವ ಮೂಲಕ ಕಲ್ಯಾಣ ಕರ್ನಾಟಕ ಪ್ರತಿಷ್ಠಾನ ಟ್ರಸ್ಟ್ ಸಂಭ್ರಮಾಚರಣೆ ಮಾಡಿತು. ಟ್ರಸ್ಟ್ ಪದಾಧಿಕಾರಿಗಳು ರಾಜ್ಯ ಸರ್ಕಾರಕ್ಕೆ ಬರೆದ ಅಭಿನಂದನಾ ಪತ್ರವನ್ನು ಮುಖ್ಯಮಂತ್ರಿ ಸಿದ್ದರಾಮಯ್ಯ ಅವರಿಗೆ ಅಂಚೆ ಮೂಲಕ ಕಳುಹಿಸಿದರು. ಬಸವಣ್ಣನವರನ್ನು ಸಾಂಸ್ಕೃತಿಕ ನಾಯಕರಾಗಿ ಘೋಷಿಸಿ ಮಾಡಿದ್ದರಿಂದ ಬಸವ ಭಕ್ತರ ಗೌರವ ಹಾಗೂ ಮನ್ನಣೆ ಹೆಚ್ಚಿದೆ. ಸರ್ಕಾರದ ಈ ನಿರ್ಧಾರ ಸ್ವಾಗತಾರ್ಹ ಎಂದು ಹೇಳಿದರು. ಬಸವಣ್ಣನವರ ಕನ್ನಡ ನೆಲದ ಅಂತರಂಗದ ಧ್ವನಿ.

585401

ಅಪಾರ ಜನ ಕಾಳಜಿಯುಳ್ಳ ಅನುಪಮರು ಅನುಕರಣೀಯ ನಾಯಕ ಎಂದು ಬಣ್ಣಿಸಿದರು. ಈ ಸಂದರ್ಭದಲ್ಲಿ ಕಲ್ಯಾಣ ಕರ್ನಾಟಕ ಪ್ರತಿಷ್ಠಾನ ಟ್ರಸ್ಟ್ ಅಧ್ಯಕ್ಷ ಡಾ. ಸಿ.ಎಸ್. ದ್ವಾರಕಾನಾಥ ಅವರು 2015 ರ ನವೆಂಬರ್ 15 ರಂದು ಆಗ

ಮುಖ್ಯಮಂತ್ರಿಯಾಗಿದ್ದ ಸಿದ್ದರಾಮಯ್ಯ ಅವರಿಗೆ ಪತ್ರ ಬರೆದು ಬಸವಣ್ಣನವರನ್ನು ಕರ್ನಾಟಕದ ಸಾಂಸ್ಕೃತಿಕ ನಾಯಕರೆಂದು ಘೋಷಿಸಬೇಕು ಎಂದು ಮನವಿ ಮಾಡಿಕೊಂಡಿದ್ದರು. ಪತ್ರಕ್ಕೆ ಪೂರಕವಾಗಿ ಡಿ. ಮಹಾದೇವಿ ಶರಣ ಸೇರಿದ ಹೋರಾಟಗಾರರು ಈ ಕುರಿತು ನಿರ್ಣಯ

ಕೈಗೊಂಡು ಹೋರಾಟಕ್ಕೆ ಕರೆ ಕೊಟ್ಟಿದ್ದರು. ನಂತರ ಸತತ ಸರ್ಕಾರದ ಮೇಲೆ ಒತ್ತಡ ಹೇರಿದ್ದರು ಎಂದು ತಿಳಿಸಿದರು.ಅವರು ಬಸವ ವಿರಕ್ತರ ಲಿಂಗಾಯತ ಮಹಾಸಭೆ, ಜಾಗತಿಕ ಲಿಂಗಾಯತ ಮಹಾಸಭಾ, ಬಸವ ತತ್ವ ನಿಷ್ಠ ಮಹಾಧಿಕರ ವೇದಿಕೆ, ಪ್ರಗತಿಪರ ಚಿಂತಕರು, ಎಲ್ಲ ಬಸವ ಪರ ಸಂಘಟನೆಗಳು, ಬಸವಾನುಯಾಯಿಗಳು ಒಕ್ಕೊರಲಿನಿಂದ ರಾಜ್ಯ ಸರ್ಕಾರವನ್ನು ಒತ್ತಾಯಿಸಿದ್ದವು. ಅದರ ಫಲವಾಗಿ ಈ ಘೋಷಣೆ ಸಾಕಾರಗೊಂಡಿದೆ ಎಂದು ಹರ್ಷ ವ್ಯಕ್ತಪಡಿಸಿದರು. ಮನೆ ಮನೆಯಲ್ಲೂ ಸಂಭ್ರಮ ಆಚರಿಸಬೇಕು. ಸಾಂಸ್ಕೃತಿಕ ನಾಯಕ ಘೋಷಣೆಯ ಸಂಭ್ರಮವನ್ನು ಮನೆ ಮನೆಯಲ್ಲೂ ಆಚರಿಸಬೇಕು. ಬಸವಣ್ಣನವರ ವಿಚಾರ ಪ್ರಸಾರ ಮಾಡಬೇಕು ಎಂದು ಹೇಳಿದರು. ಕಾರ್ಯಕ್ರಮದಲ್ಲಿ ಪ್ರಮುಖರಾದ ಗಣಪತಿ ಸೋಲಾಪುರೆ, ಧನರಾಜ ಸ್ವಾಮಿ, ಸುರೇಶ ಚನಶೆಟ್ಟಿ, ಲಕ್ಷ್ಮಣರಾವ ಕಾಂಚೆ, ಬಸವರಾಜ ಪಾಟೀಲ, ಸೋಮನಾಥ ಪಾಟೀಲ, ಮಲ್ಲಿಕಾರ್ಜುನ ಇದ್ದರು.
